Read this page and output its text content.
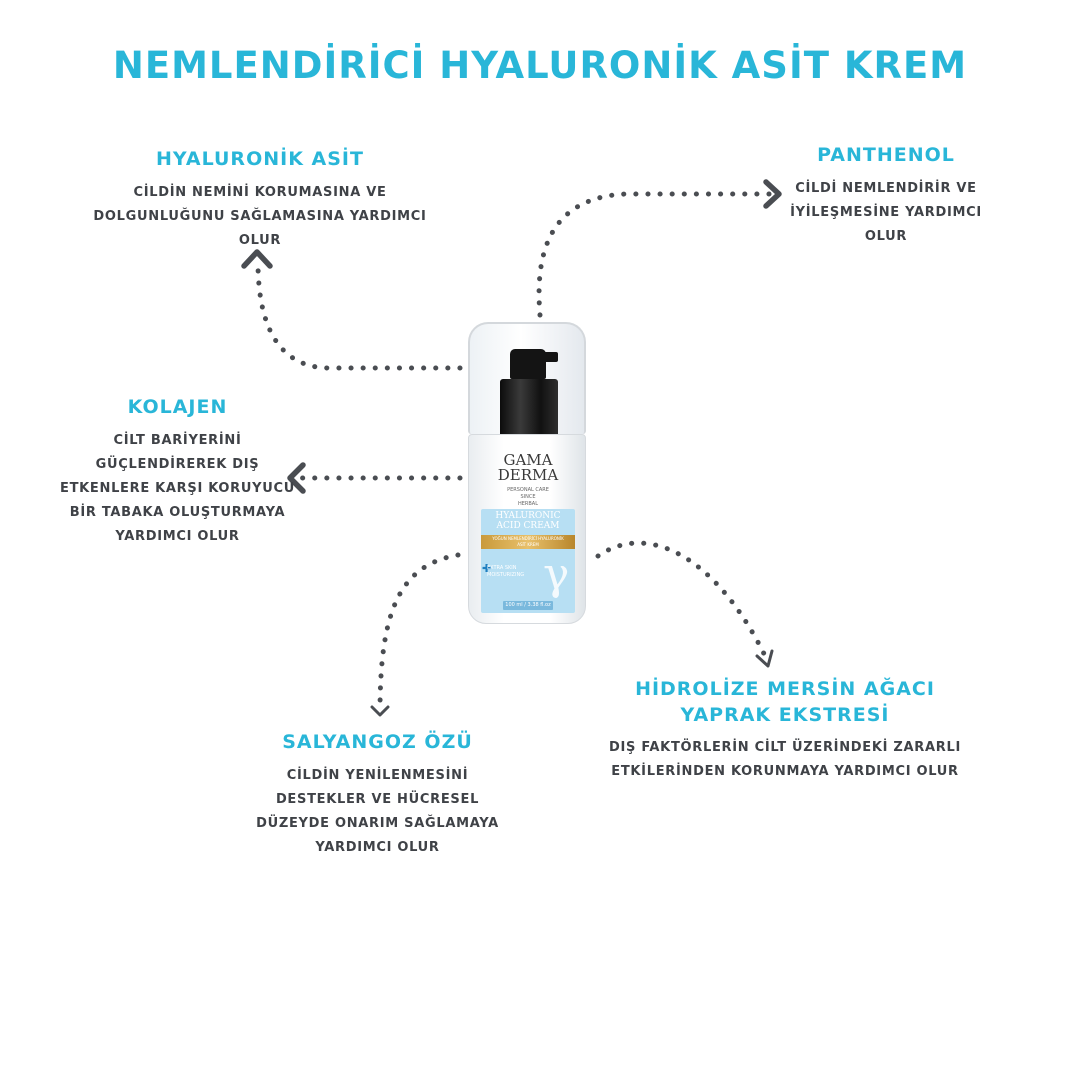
NEMLENDİRİCİ HYALURONİK ASİT KREM
HYALURONİK ASİT

CİLDİN NEMİNİ KORUMASINA VE
DOLGUNLUĞUNU SAĞLAMASINA YARDIMCI
OLUR

PANTHENOL

CİLDİ NEMLENDİRİR VE
İYİLEŞMESİNE YARDIMCI
OLUR

KOLAJEN

CİLT BARİYERİNİ
GÜÇLENDİREREK DIŞ
ETKENLERE KARŞI KORUYUCU
BİR TABAKA OLUŞTURMAYA
YARDIMCI OLUR

SALYANGOZ ÖZÜ

CİLDİN YENİLENMESİNİ
DESTEKLER VE HÜCRESEL
DÜZEYDE ONARIM SAĞLAMAYA
YARDIMCI OLUR

HİDROLİZE MERSİN AĞACI
YAPRAK EKSTRESİ

DIŞ FAKTÖRLERİN CİLT ÜZERİNDEKİ ZARARLI
ETKİLERİNDEN KORUNMAYA YARDIMCI OLUR

GAMA
DERMA
PERSONAL CARE
SINCE
HERBAL
HYALURONIC
ACID CREAM
YOĞUN NEMLENDİRİCİ HYALURONİK
ASİT KREM
γ
✚
EXTRA SKIN
MOISTURIZING
100 ml / 3.38 fl.oz
